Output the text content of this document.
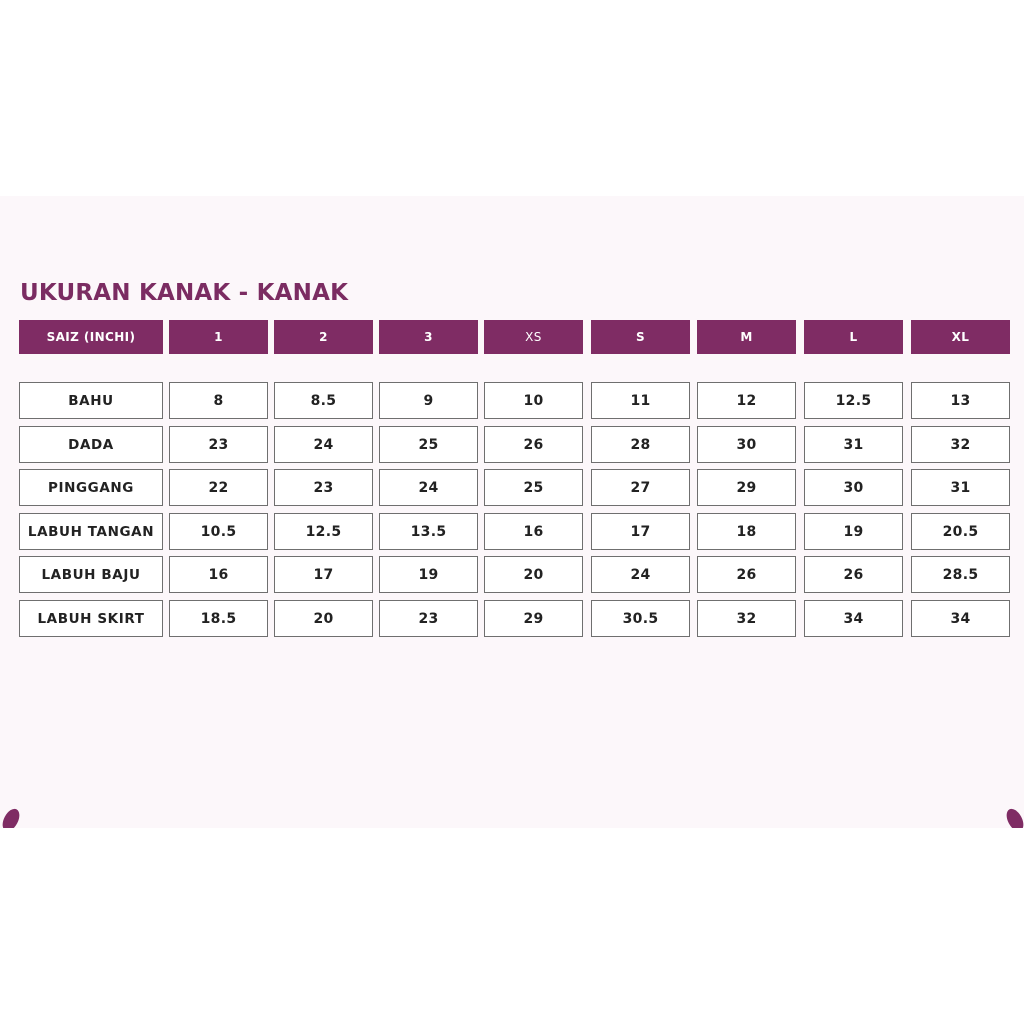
UKURAN KANAK - KANAK
SAIZ (INCHI)	1	2	3	XS	S	M	L	XL
BAHU	8	8.5	9	10	11	12	12.5	13
DADA	23	24	25	26	28	30	31	32
PINGGANG	22	23	24	25	27	29	30	31
LABUH TANGAN	10.5	12.5	13.5	16	17	18	19	20.5
LABUH BAJU	16	17	19	20	24	26	26	28.5
LABUH SKIRT	18.5	20	23	29	30.5	32	34	34
